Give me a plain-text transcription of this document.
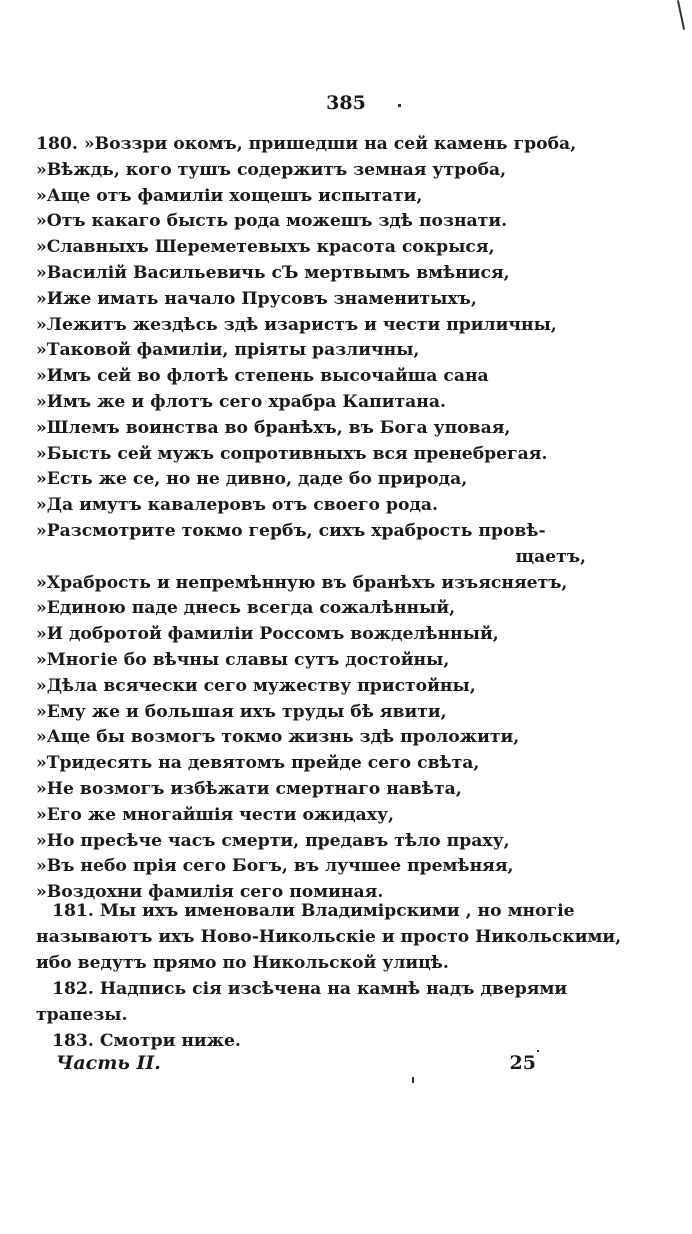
385
180. »Воззри окомъ, пришедши на сей камень гроба,
»Вѣждь, кого тушъ содержитъ земная утроба,
»Аще отъ фамиліи хощешъ испытати,
»Отъ какаго бысть рода можешъ здѣ познати.
»Славныхъ Шереметевыхъ красота сокрыся,
»Василій Васильевичь сЪ мертвымъ вмѣнися,
»Иже имать начало Прусовъ знаменитыхъ,
»Лежитъ жездѣсь здѣ изаристъ и чести приличны,
»Таковой фамиліи, пріяты различны,
»Имъ сей во флотѣ степень высочайша сана
»Имъ же и флотъ сего храбра Капитана.
»Шлемъ воинства во бранѣхъ, въ Бога уповая,
»Бысть сей мужъ сопротивныхъ вся пренебрегая.
»Есть же се, но не дивно, даде бо природа,
»Да имутъ кавалеровъ отъ своего рода.
»Разсмотрите токмо гербъ, сихъ храбрость провѣ-
щаетъ,
»Храбрость и непремѣнную въ бранѣхъ изъясняетъ,
»Единою паде днесь всегда сожалѣнный,
»И добротой фамиліи Россомъ вожделѣнный,
»Многіе бо вѣчны славы сутъ достойны,
»Дѣла всячески сего мужеству пристойны,
»Ему же и большая ихъ труды бѣ явити,
»Аще бы возмогъ токмо жизнь здѣ проложити,
»Тридесять на девятомъ прейде сего свѣта,
»Не возмогъ избѣжати смертнаго навѣта,
»Его же многайшія чести ожидаху,
»Но пресѣче часъ смерти, предавъ тѣло праху,
»Въ небо прія сего Богъ, въ лучшее премѣняя,
»Воздохни фамилія сего поминая.
181. Мы ихъ именовали Владимірскими , но многіе
называютъ ихъ Ново-Никольскіе и просто Никольскими,
ибо ведутъ прямо по Никольской улицѣ.
182. Надпись сія изсѣчена на камнѣ надъ дверями
трапезы.
183. Смотри ниже.
Часть II.	25
